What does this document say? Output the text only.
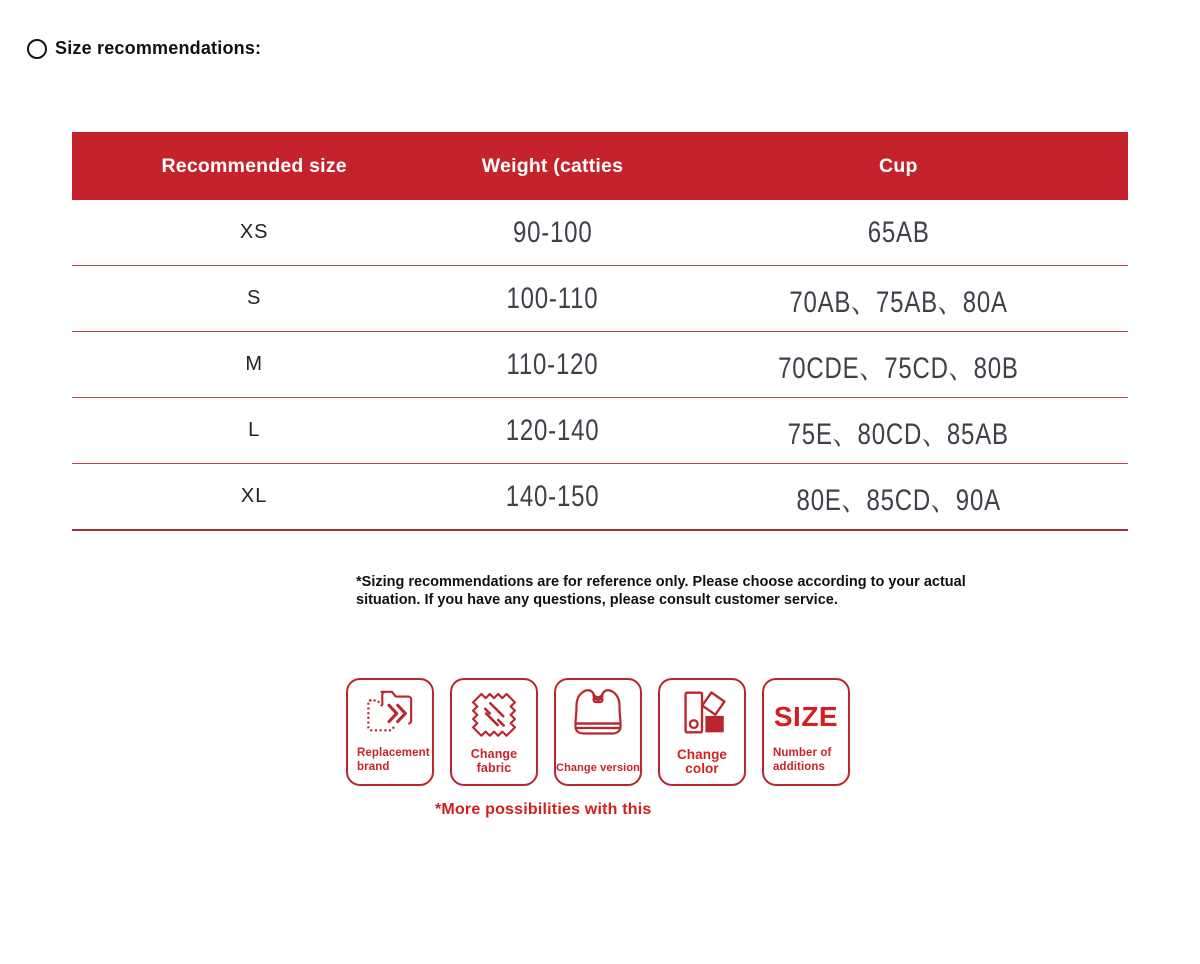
Size recommendations:
Recommended size	Weight (catties	Cup
XS	90-100	65AB
S	100-110	70AB、75AB、80A
M	110-120	70CDE、75CD、80B
L	120-140	75E、80CD、85AB
XL	140-150	80E、85CD、90A
*Sizing recommendations are for reference only. Please choose according to your actual
situation. If you have any questions, please consult customer service.
Replacement
brand
Change fabric	Change version
Change color
SIZE
Number of
additions
*More possibilities with this
